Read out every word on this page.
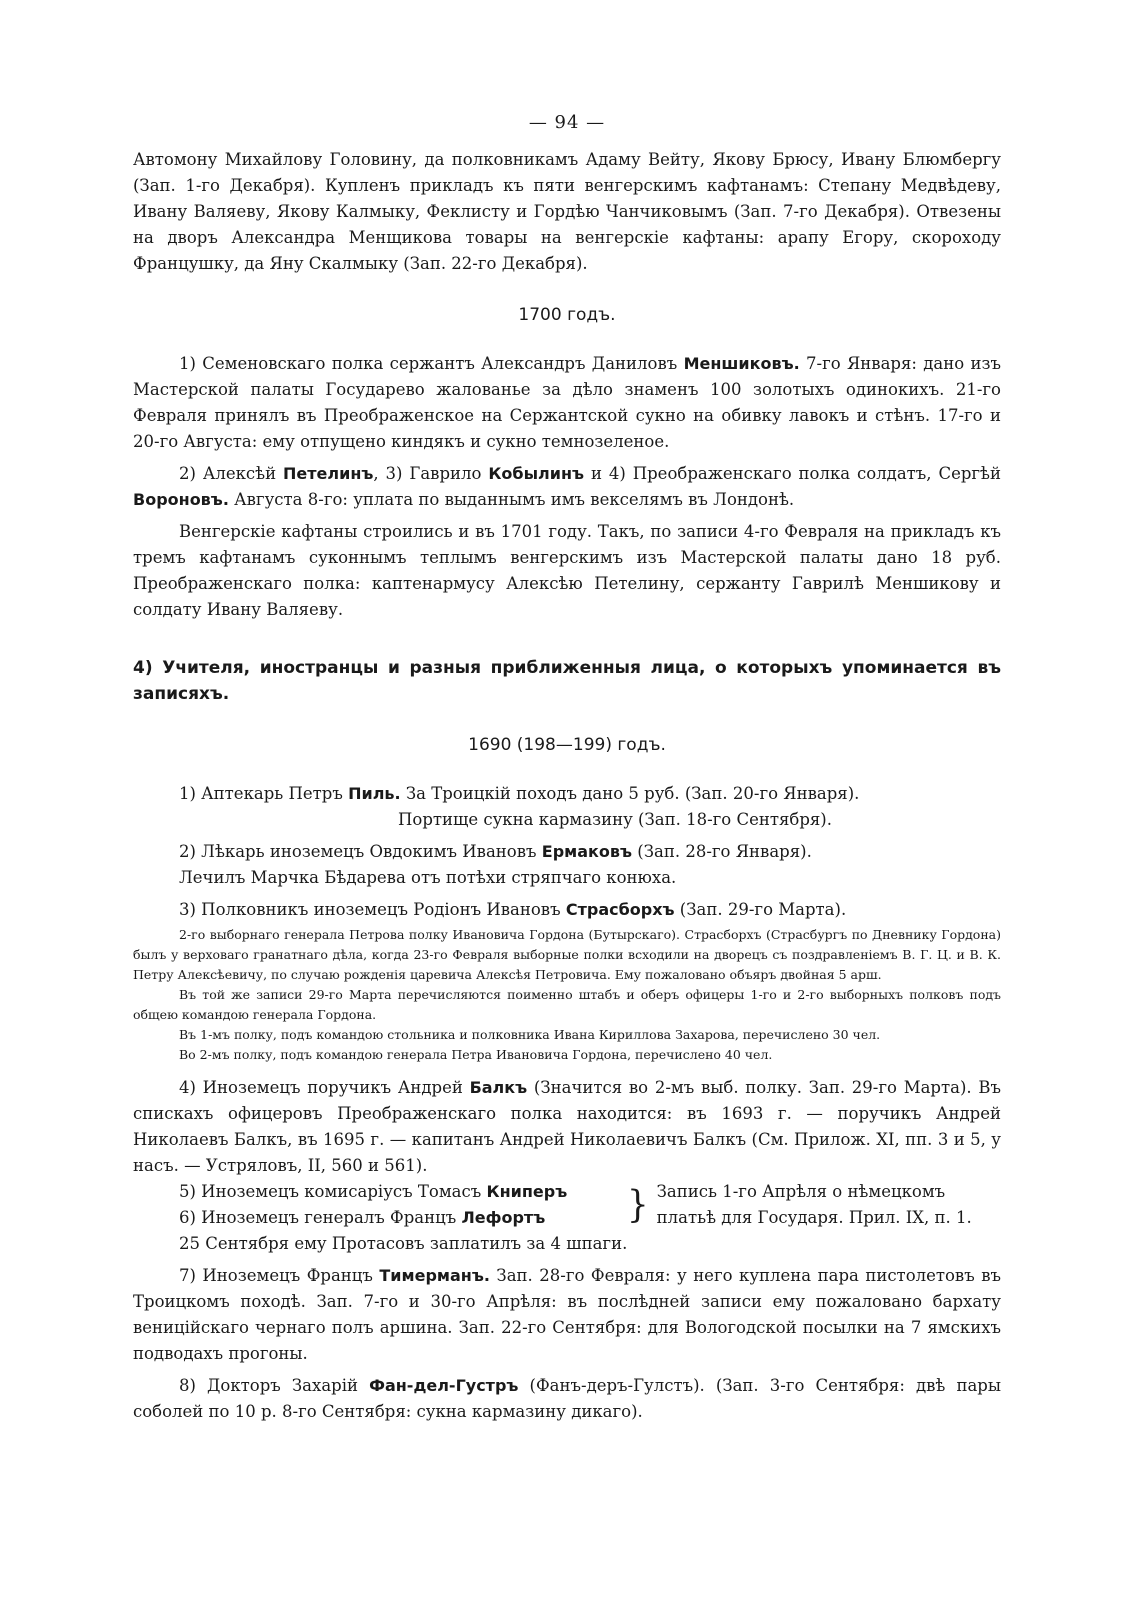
— 94 —

Автомону Михайлову Головину, да полковникамъ Адаму Вейту, Якову Брюсу, Ивану Блюмбергу (Зап. 1-го Декабря). Купленъ прикладъ къ пяти венгерскимъ кафтанамъ: Степану Медвѣдеву, Ивану Валяеву, Якову Калмыку, Феклисту и Гордѣю Чанчиковымъ (Зап. 7-го Декабря). Отвезены на дворъ Александра Менщикова товары на венгерскіе кафтаны: арапу Егору, скороходу Францушку, да Яну Скалмыку (Зап. 22-го Декабря).

1700 годъ.

1) Семеновскаго полка сержантъ Александръ Даниловъ Меншиковъ. 7-го Января: дано изъ Мастерской палаты Государево жалованье за дѣло знаменъ 100 золотыхъ одинокихъ. 21-го Февраля принялъ въ Преображенское на Сержантской сукно на обивку лавокъ и стѣнъ. 17-го и 20-го Августа: ему отпущено киндякъ и сукно темнозеленое.

2) Алексѣй Петелинъ, 3) Гаврило Кобылинъ и 4) Преображенскаго полка солдатъ, Сергѣй Вороновъ. Августа 8-го: уплата по выданнымъ имъ векселямъ въ Лондонѣ.

Венгерскіе кафтаны строились и въ 1701 году. Такъ, по записи 4-го Февраля на прикладъ къ тремъ кафтанамъ суконнымъ теплымъ венгерскимъ изъ Мастерской палаты дано 18 руб. Преображенскаго полка: каптенармусу Алексѣю Петелину, сержанту Гаврилѣ Меншикову и солдату Ивану Валяеву.

4) Учителя, иностранцы и разныя приближенныя лица, о которыхъ упоминается въ записяхъ.

1690 (198—199) годъ.

1) Аптекарь Петръ Пиль. За Троицкій походъ дано 5 руб. (Зап. 20-го Января).

Портище сукна кармазину (Зап. 18-го Сентября).

2) Лѣкарь иноземецъ Овдокимъ Ивановъ Ермаковъ (Зап. 28-го Января).

Лечилъ Марчка Бѣдарева отъ потѣхи стряпчаго конюха.

3) Полковникъ иноземецъ Родіонъ Ивановъ Страсборхъ (Зап. 29-го Марта).

2-го выборнаго генерала Петрова полку Ивановича Гордона (Бутырскаго). Страсборхъ (Страсбургъ по Дневнику Гордона) былъ у верховаго гранатнаго дѣла, когда 23-го Февраля выборные полки всходили на дворецъ съ поздравленіемъ В. Г. Ц. и В. К. Петру Алексѣевичу, по случаю рожденія царевича Алексѣя Петровича. Ему пожаловано объяръ двойная 5 арш.

Въ той же записи 29-го Марта перечисляются поименно штабъ и оберъ офицеры 1-го и 2-го выборныхъ полковъ подъ общею командою генерала Гордона.

Въ 1-мъ полку, подъ командою стольника и полковника Ивана Кириллова Захарова, перечислено 30 чел.

Во 2-мъ полку, подъ командою генерала Петра Ивановича Гордона, перечислено 40 чел.

4) Иноземецъ поручикъ Андрей Балкъ (Значится во 2-мъ выб. полку. Зап. 29-го Марта). Въ спискахъ офицеровъ Преображенскаго полка находится: въ 1693 г. — поручикъ Андрей Николаевъ Балкъ, въ 1695 г. — капитанъ Андрей Николаевичъ Балкъ (См. Прилож. XI, пп. 3 и 5, у насъ. — Устряловъ, II, 560 и 561).

5) Иноземецъ комисаріусъ Томасъ Книперъ

6) Иноземецъ генералъ Францъ Лефортъ	} Запись 1-го Апрѣля о нѣмецкомъ

платьѣ для Государя. Прил. IX, п. 1.

25 Сентября ему Протасовъ заплатилъ за 4 шпаги.

7) Иноземецъ Францъ Тимерманъ. Зап. 28-го Февраля: у него куплена пара пистолетовъ въ Троицкомъ походѣ. Зап. 7-го и 30-го Апрѣля: въ послѣдней записи ему пожаловано бархату веницiйскаго чернаго полъ аршина. Зап. 22-го Сентября: для Вологодской посылки на 7 ямскихъ подводахъ прогоны.

8) Докторъ Захарій Фан-дел-Густръ (Фанъ-деръ-Гулстъ). (Зап. 3-го Сентября: двѣ пары соболей по 10 р. 8-го Сентября: сукна кармазину дикаго).
